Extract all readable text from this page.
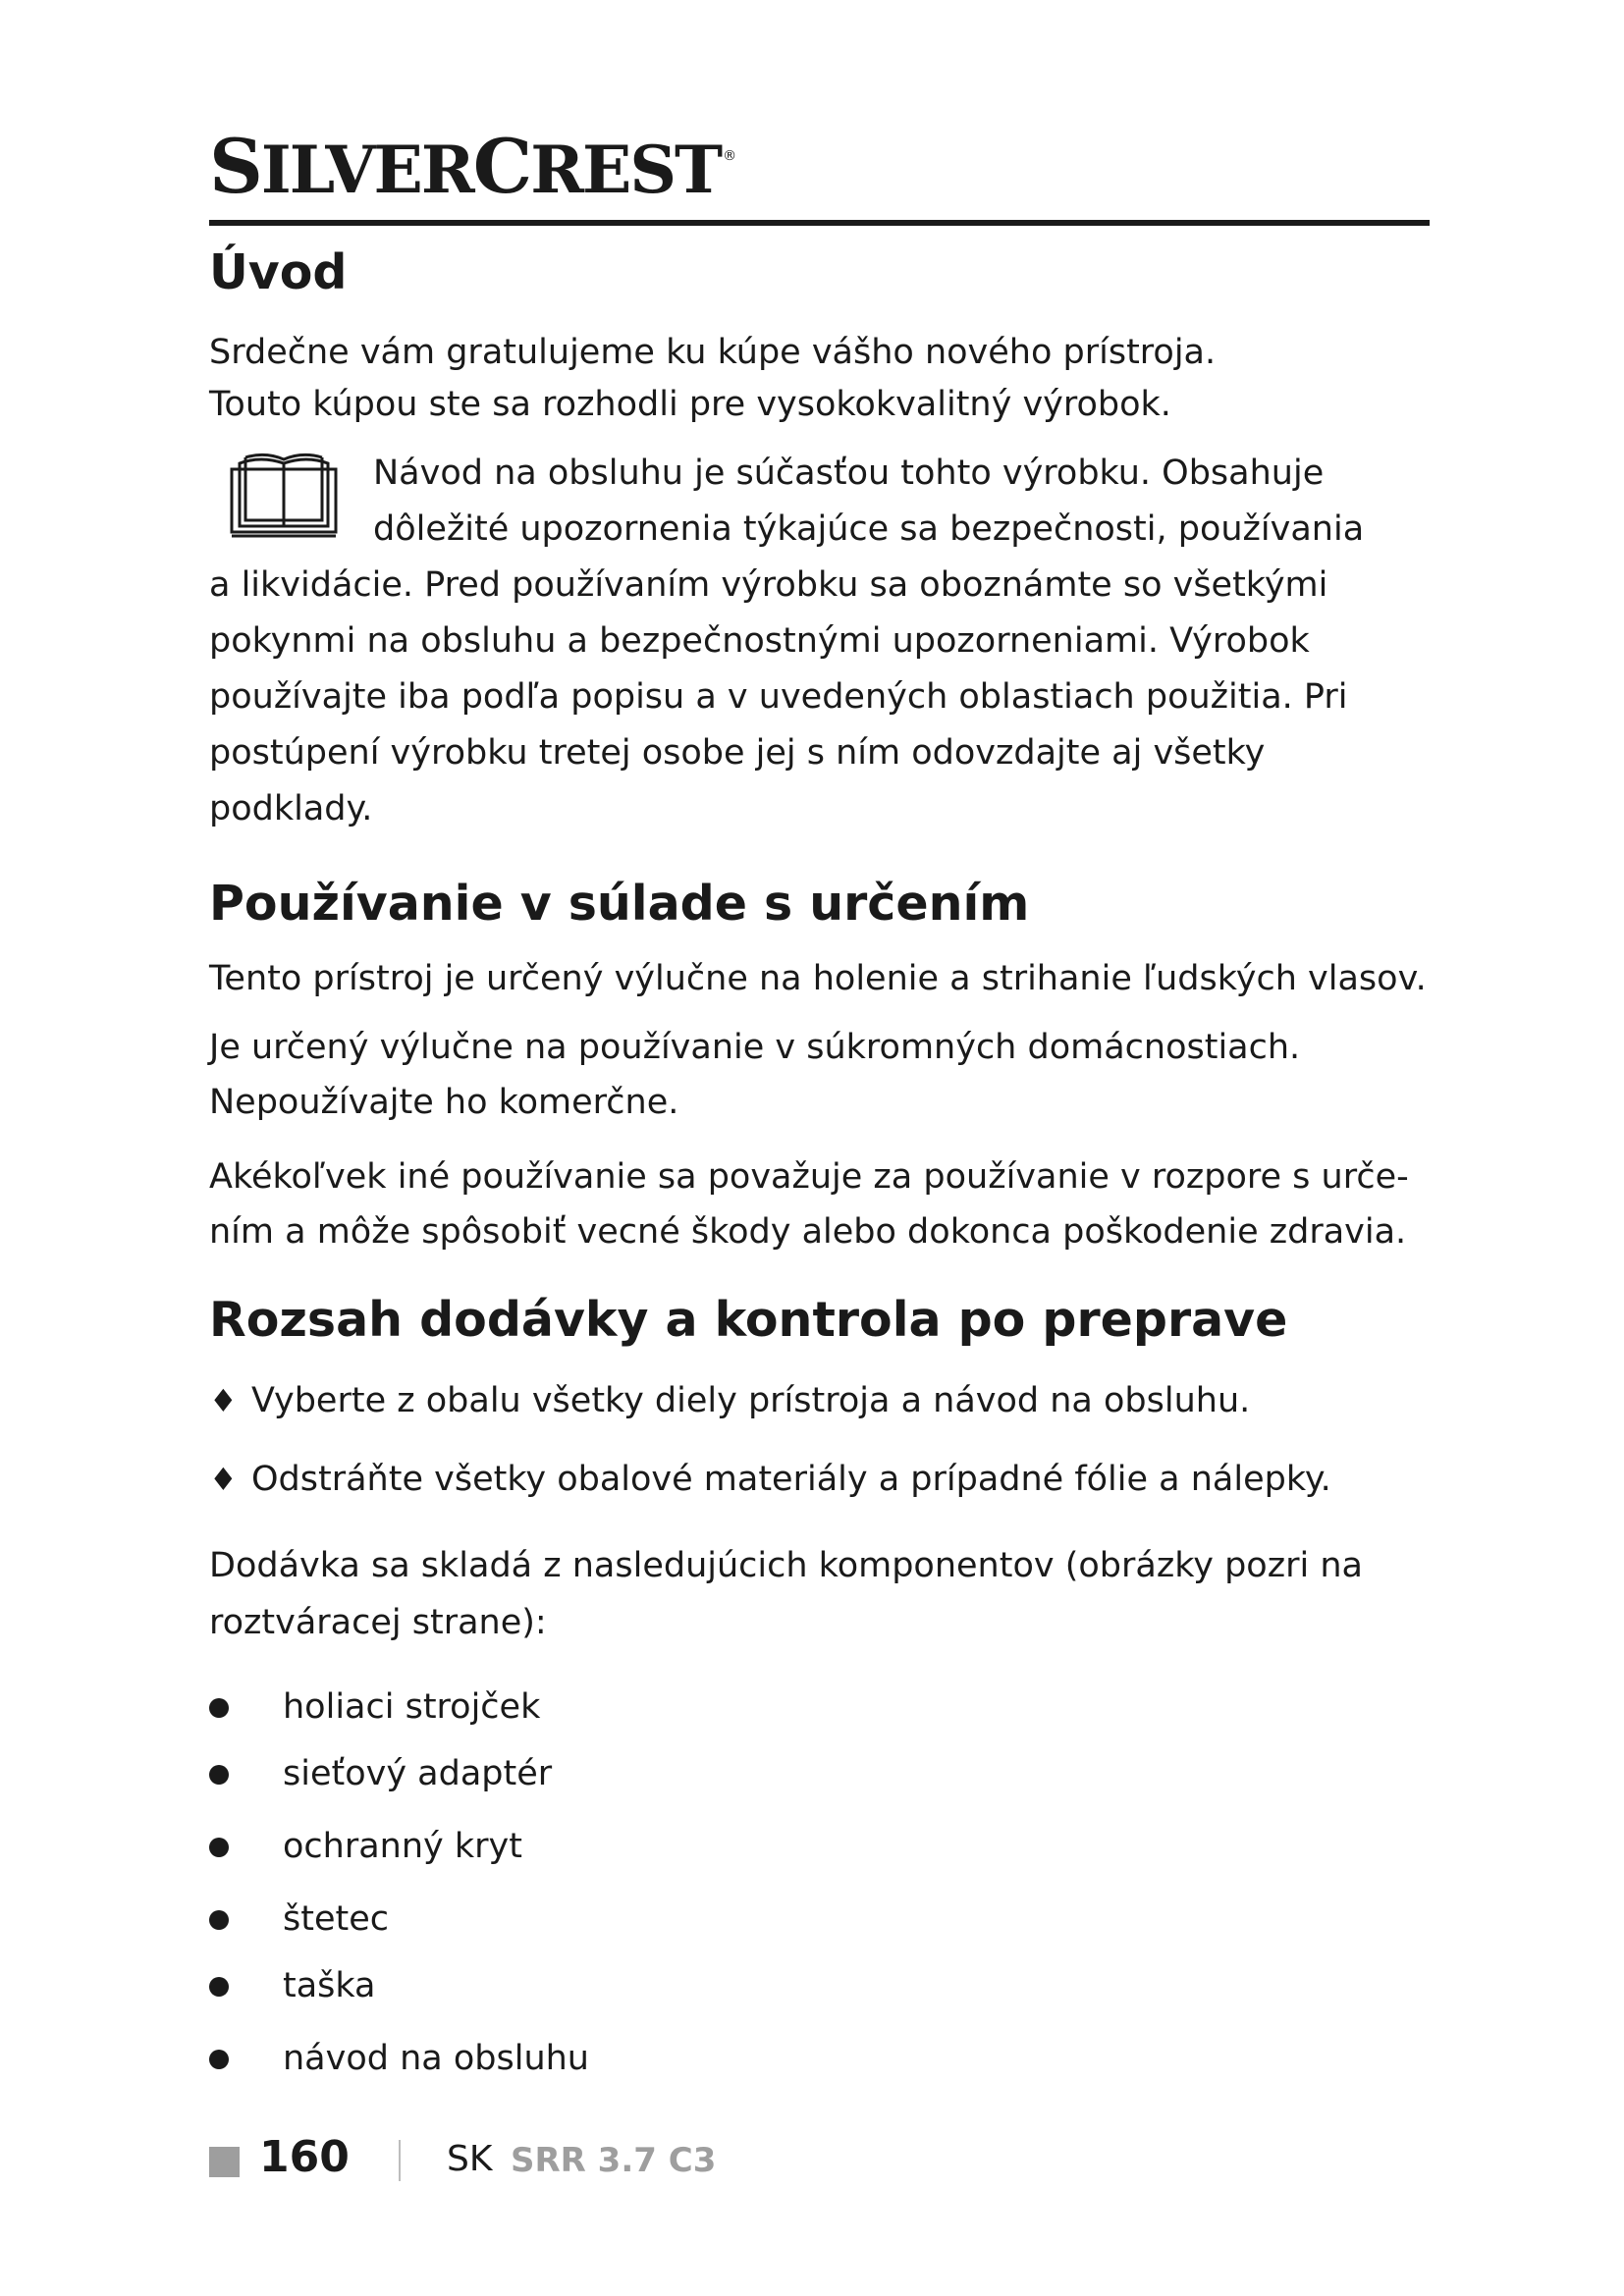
SILVERCREST ®
Úvod

Srdečne vám gratulujeme ku kúpe vášho nového prístroja.

Touto kúpou ste sa rozhodli pre vysokokvalitný výrobok.

Návod na obsluhu je súčasťou tohto výrobku. Obsahuje

dôležité upozornenia týkajúce sa bezpečnosti, používania

a likvidácie. Pred používaním výrobku sa oboznámte so všetkými

pokynmi na obsluhu a bezpečnostnými upozorneniami. Výrobok

používajte iba podľa popisu a v uvedených oblastiach použitia. Pri

postúpení výrobku tretej osobe jej s ním odovzdajte aj všetky

podklady.

Používanie v súlade s určením

Tento prístroj je určený výlučne na holenie a strihanie ľudských vlasov.

Je určený výlučne na používanie v súkromných domácnostiach.

Nepoužívajte ho komerčne.

Akékoľvek iné používanie sa považuje za používanie v rozpore s urče-

ním a môže spôsobiť vecné škody alebo dokonca poškodenie zdravia.

Rozsah dodávky a kontrola po preprave
♦ Vyberte z obalu všetky diely prístroja a návod na obsluhu.

♦ Odstráňte všetky obalové materiály a prípadné fólie a nálepky.

Dodávka sa skladá z nasledujúcich komponentov (obrázky pozri na

roztváracej strane):

holiaci strojček

sieťový adaptér

ochranný kryt

štetec

taška

návod na obsluhu

160	SK SRR 3.7 C3
